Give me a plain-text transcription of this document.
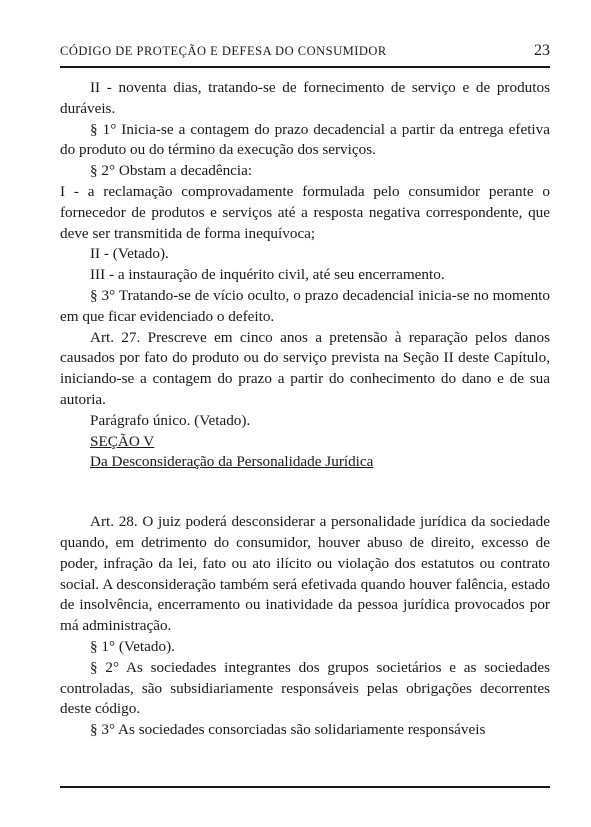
CÓDIGO DE PROTEÇÃO E DEFESA DO CONSUMIDOR	23

II - noventa dias, tratando-se de fornecimento de serviço e de produtos duráveis.

§ 1° Inicia-se a contagem do prazo decadencial a partir da entrega efetiva do produto ou do término da execução dos serviços.

§ 2° Obstam a decadência:

I - a reclamação comprovadamente formulada pelo consumidor perante o fornecedor de produtos e serviços até a resposta negativa correspondente, que deve ser transmitida de forma inequívoca;

II - (Vetado).

III - a instauração de inquérito civil, até seu encerramento.

§ 3° Tratando-se de vício oculto, o prazo decadencial inicia-se no momento em que ficar evidenciado o defeito.

Art. 27. Prescreve em cinco anos a pretensão à reparação pelos danos causados por fato do produto ou do serviço prevista na Seção II deste Capítulo, iniciando-se a contagem do prazo a partir do conhecimento do dano e de sua autoria.

Parágrafo único. (Vetado).

SEÇÃO V

Da Desconsideração da Personalidade Jurídica

Art. 28. O juiz poderá desconsiderar a personalidade jurídica da sociedade quando, em detrimento do consumidor, houver abuso de direito, excesso de poder, infração da lei, fato ou ato ilícito ou violação dos estatutos ou contrato social. A desconsideração também será efetivada quando houver falência, estado de insolvência, encerramento ou inatividade da pessoa jurídica provocados por má administração.

§ 1° (Vetado).

§ 2° As sociedades integrantes dos grupos societários e as sociedades controladas, são subsidiariamente responsáveis pelas obrigações decorrentes deste código.

§ 3° As sociedades consorciadas são solidariamente responsáveis
